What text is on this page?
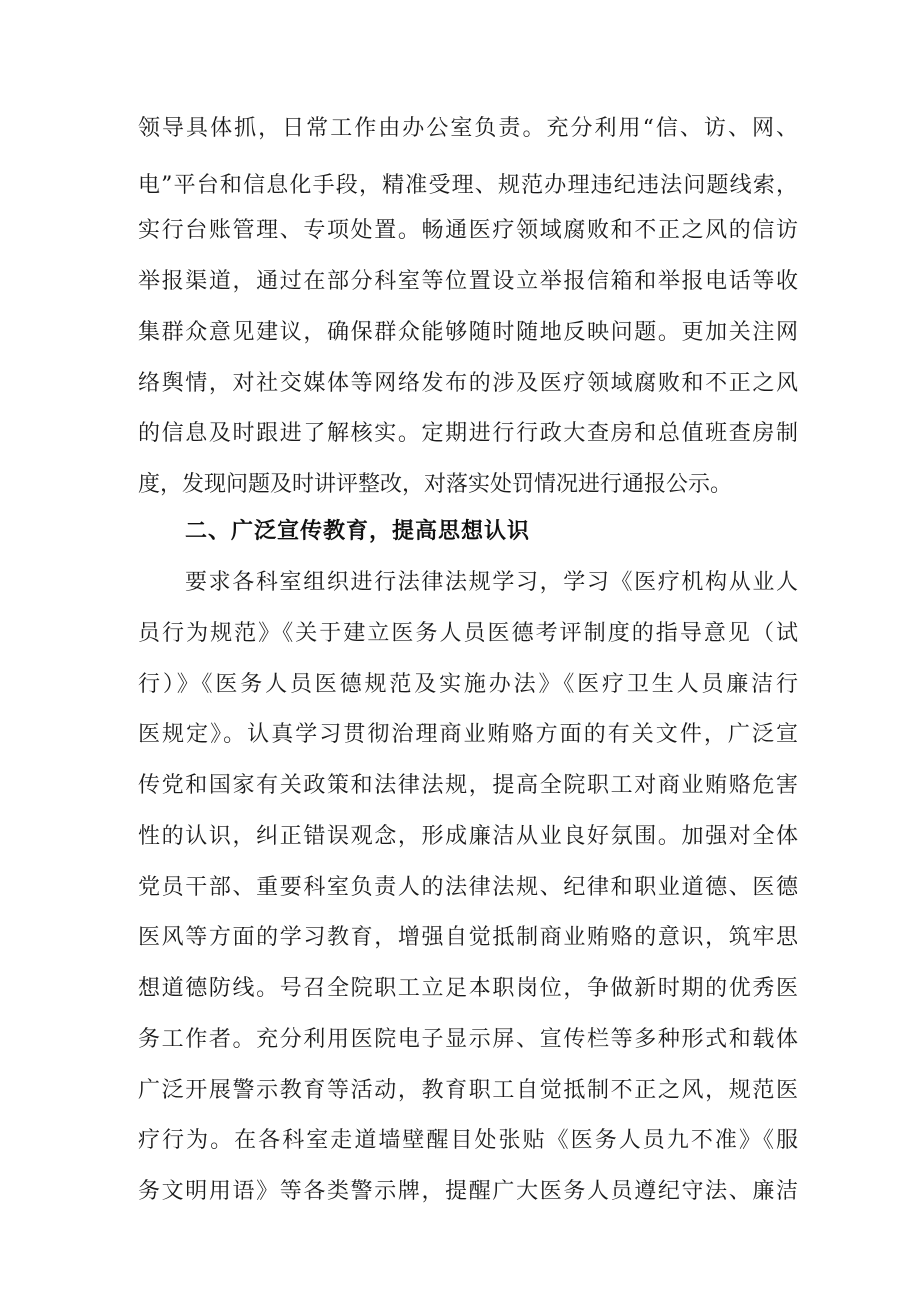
领导具体抓，日常工作由办公室负责。充分利用“信、访、网、
电”平台和信息化手段，精准受理、规范办理违纪违法问题线索，
实行台账管理、专项处置。畅通医疗领域腐败和不正之风的信访
举报渠道，通过在部分科室等位置设立举报信箱和举报电话等收
集群众意见建议，确保群众能够随时随地反映问题。更加关注网
络舆情，对社交媒体等网络发布的涉及医疗领域腐败和不正之风
的信息及时跟进了解核实。定期进行行政大查房和总值班查房制
度，发现问题及时讲评整改，对落实处罚情况进行通报公示。
二、广泛宣传教育，提高思想认识
要求各科室组织进行法律法规学习，学习《医疗机构从业人
员行为规范》《关于建立医务人员医德考评制度的指导意见（试
行）》《医务人员医德规范及实施办法》《医疗卫生人员廉洁行
医规定》。认真学习贯彻治理商业贿赂方面的有关文件，广泛宣
传党和国家有关政策和法律法规，提高全院职工对商业贿赂危害
性的认识，纠正错误观念，形成廉洁从业良好氛围。加强对全体
党员干部、重要科室负责人的法律法规、纪律和职业道德、医德
医风等方面的学习教育，增强自觉抵制商业贿赂的意识，筑牢思
想道德防线。号召全院职工立足本职岗位，争做新时期的优秀医
务工作者。充分利用医院电子显示屏、宣传栏等多种形式和载体
广泛开展警示教育等活动，教育职工自觉抵制不正之风，规范医
疗行为。在各科室走道墙壁醒目处张贴《医务人员九不准》《服
务文明用语》等各类警示牌，提醒广大医务人员遵纪守法、廉洁
